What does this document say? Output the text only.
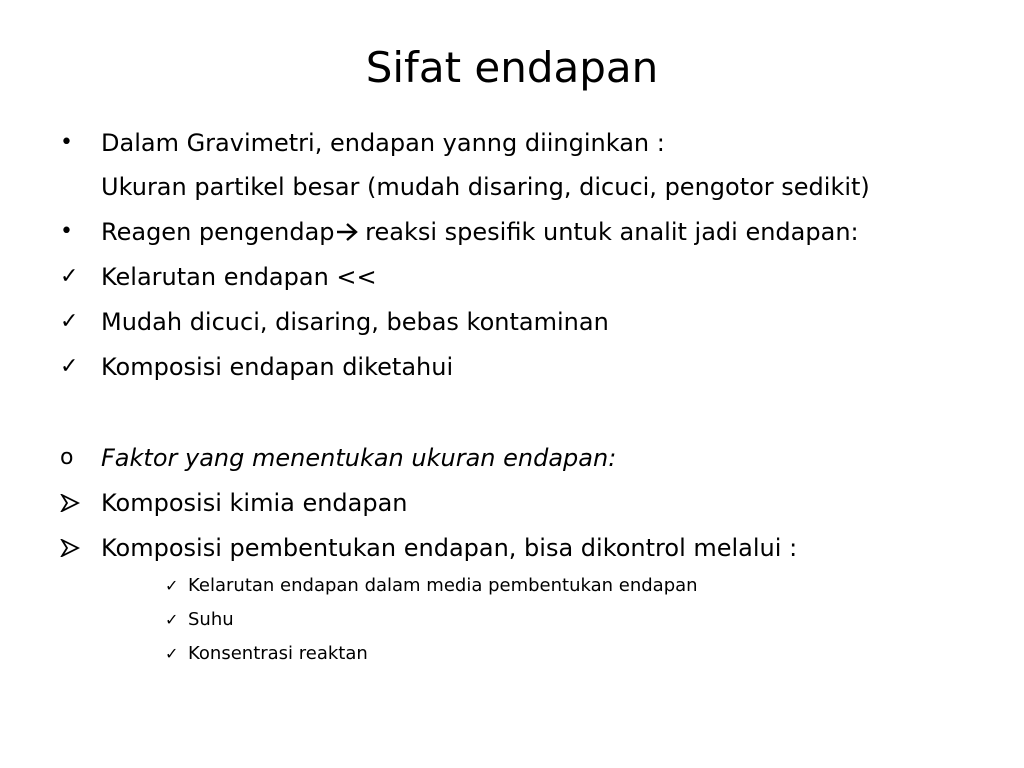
Sifat endapan
•	Dalam Gravimetri, endapan yanng diinginkan :
Ukuran partikel besar (mudah disaring, dicuci, pengotor sedikit)
•	Reagen pengendap reaksi spesifik untuk analit jadi endapan:
✓ Kelarutan endapan <<
✓ Mudah dicuci, disaring, bebas kontaminan
✓ Komposisi endapan diketahui
o	Faktor yang menentukan ukuran endapan:
Komposisi kimia endapan
Komposisi pembentukan endapan, bisa dikontrol melalui :
✓ Kelarutan endapan dalam media pembentukan endapan
✓ Suhu
✓ Konsentrasi reaktan
